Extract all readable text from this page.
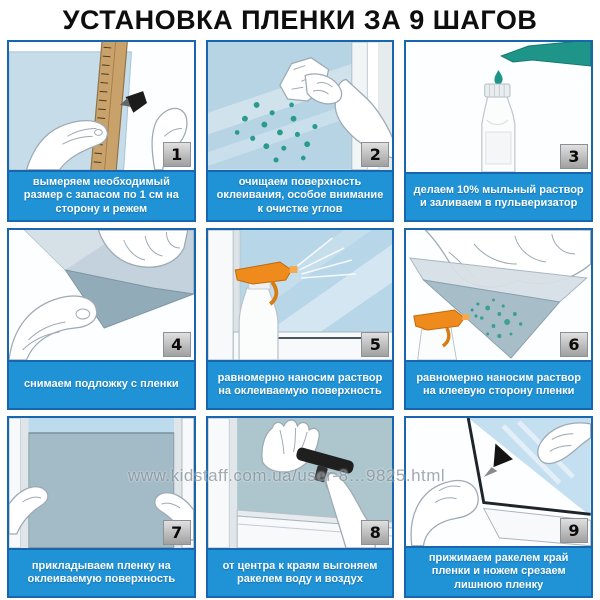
УСТАНОВКА ПЛЕНКИ ЗА 9 ШАГОВ
1
вымеряем необходимый размер с запасом по 1 см на сторону и режем
2
очищаем поверхность оклеивания, особое внимание к очистке углов
3
делаем 10% мыльный раствор и заливаем в пульверизатор
4
снимаем подложку с пленки
5
равномерно наносим раствор на оклеиваемую поверхность
6
равномерно наносим раствор на клеевую сторону пленки
7
прикладываем пленку на оклеиваемую поверхность
8
от центра к краям выгоняем ракелем воду и воздух
9
прижимаем ракелем край пленки и ножем срезаем лишнюю пленку
www.kidstaff.com.ua/user-8…9825.html
